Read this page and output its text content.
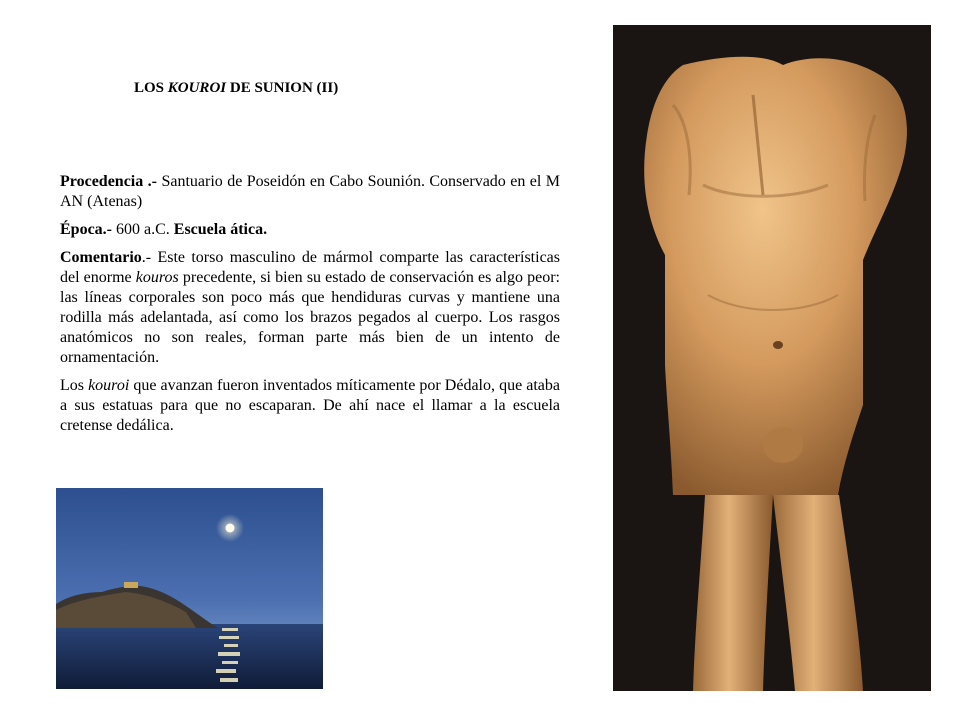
LOS KOUROI DE SUNION (II)

Procedencia .- Santuario de Poseidón en Cabo Sounión. Conservado en el M AN (Atenas)

Época.- 600 a.C. Escuela ática.

Comentario.- Este torso masculino de mármol comparte las características del enorme kouros precedente, si bien su estado de conservación es algo peor: las líneas corporales son poco más que hendiduras curvas y mantiene una rodilla más adelantada, así como los brazos pegados al cuerpo. Los rasgos anatómicos no son reales, forman parte más bien de un intento de ornamentación.

Los kouroi que avanzan fueron inventados míticamente por Dédalo, que ataba a sus estatuas para que no escaparan. De ahí nace el llamar a la escuela cretense dedálica.
